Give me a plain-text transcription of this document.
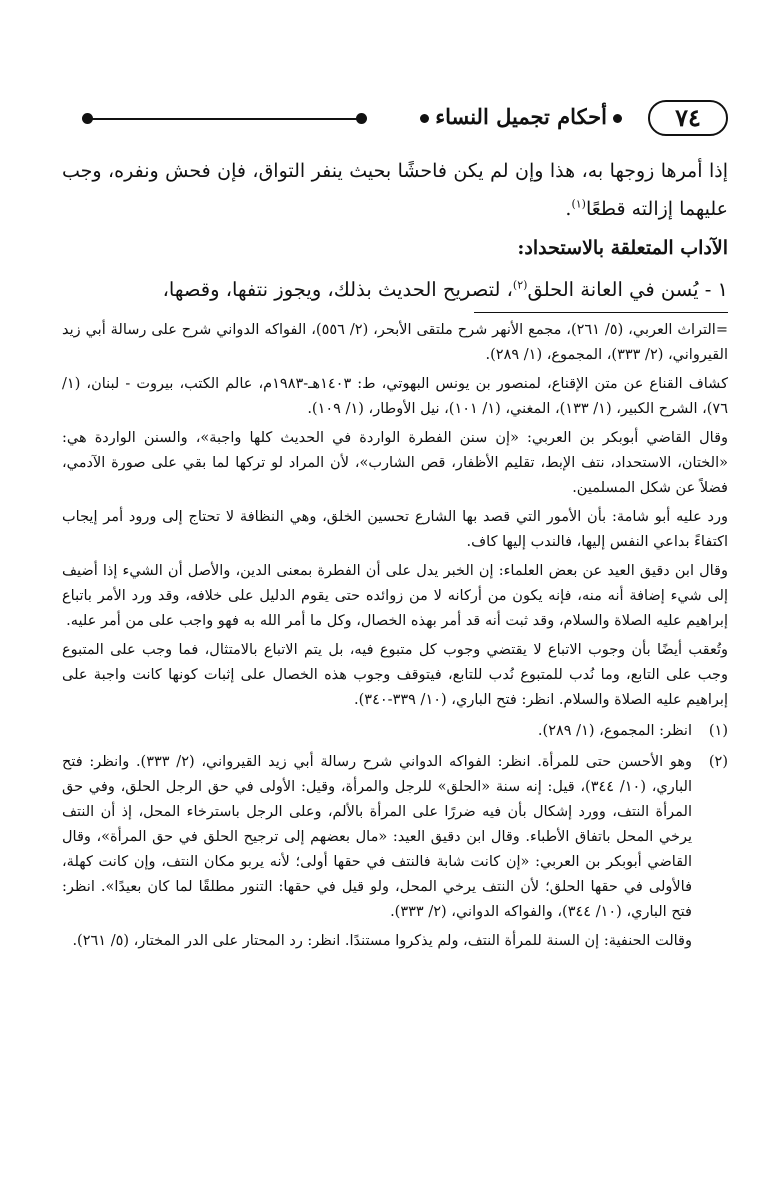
٧٤
أحكام تجميل النساء

إذا أمرها زوجها به، هذا وإن لم يكن فاحشًا بحيث ينفر التواق، فإن فحش ونفره، وجب عليهما إزالته قطعًا$^{(١)}$.

الآداب المتعلقة بالاستحداد:

١ - يُسن في العانة الحلق$^{(٢)}$، لتصريح الحديث بذلك، ويجوز نتفها، وقصها،

=التراث العربي، (٥/ ٢٦١)، مجمع الأنهر شرح ملتقى الأبحر، (٢/ ٥٥٦)، الفواكه الدواني شرح على رسالة أبي زيد القيرواني، (٢/ ٣٣٣)، المجموع، (١/ ٢٨٩).

كشاف القناع عن متن الإقناع، لمنصور بن يونس البهوتي، ط: ١٤٠٣هـ-١٩٨٣م، عالم الكتب، بيروت - لبنان، (١/ ٧٦)، الشرح الكبير، (١/ ١٣٣)، المغني، (١/ ١٠١)، نيل الأوطار، (١/ ١٠٩).

وقال القاضي أبوبكر بن العربي: «إن سنن الفطرة الواردة في الحديث كلها واجبة»، والسنن الواردة هي: «الختان، الاستحداد، نتف الإبط، تقليم الأظفار، قص الشارب»، لأن المراد لو تركها لما بقي على صورة الآدمي، فضلاً عن شكل المسلمين.

ورد عليه أبو شامة: بأن الأمور التي قصد بها الشارع تحسين الخلق، وهي النظافة لا تحتاج إلى ورود أمر إيجاب اكتفاءً بداعي النفس إليها، فالندب إليها كاف.

وقال ابن دقيق العيد عن بعض العلماء: إن الخبر يدل على أن الفطرة بمعنى الدين، والأصل أن الشيء إذا أضيف إلى شيء إضافة أنه منه، فإنه يكون من أركانه لا من زوائده حتى يقوم الدليل على خلافه، وقد ورد الأمر باتباع إبراهيم عليه الصلاة والسلام، وقد ثبت أنه قد أمر بهذه الخصال، وكل ما أمر الله به فهو واجب على من أمر عليه.

وتُعقب أيضًا بأن وجوب الاتباع لا يقتضي وجوب كل متبوع فيه، بل يتم الاتباع بالامتثال، فما وجب على المتبوع وجب على التابع، وما نُدب للمتبوع نُدب للتابع، فيتوقف وجوب هذه الخصال على إثبات كونها كانت واجبة على إبراهيم عليه الصلاة والسلام. انظر: فتح الباري، (١٠/ ٣٣٩-٣٤٠).

(١)

انظر: المجموع، (١/ ٢٨٩).

(٢)

وهو الأحسن حتى للمرأة. انظر: الفواكه الدواني شرح رسالة أبي زيد القيرواني، (٢/ ٣٣٣). وانظر: فتح الباري، (١٠/ ٣٤٤)، قيل: إنه سنة «الحلق» للرجل والمرأة، وقيل: الأولى في حق الرجل الحلق، وفي حق المرأة النتف، وورد إشكال بأن فيه ضررًا على المرأة بالألم، وعلى الرجل باسترخاء المحل، إذ أن النتف يرخي المحل باتفاق الأطباء. وقال ابن دقيق العيد: «مال بعضهم إلى ترجيح الحلق في حق المرأة»، وقال القاضي أبوبكر بن العربي: «إن كانت شابة فالنتف في حقها أولى؛ لأنه يربو مكان النتف، وإن كانت كهلة، فالأولى في حقها الحلق؛ لأن النتف يرخي المحل، ولو قيل في حقها: التنور مطلقًا لما كان بعيدًا». انظر: فتح الباري، (١٠/ ٣٤٤)، والفواكه الدواني، (٢/ ٣٣٣).

وقالت الحنفية: إن السنة للمرأة النتف، ولم يذكروا مستندًا. انظر: رد المحتار على الدر المختار، (٥/ ٢٦١).
